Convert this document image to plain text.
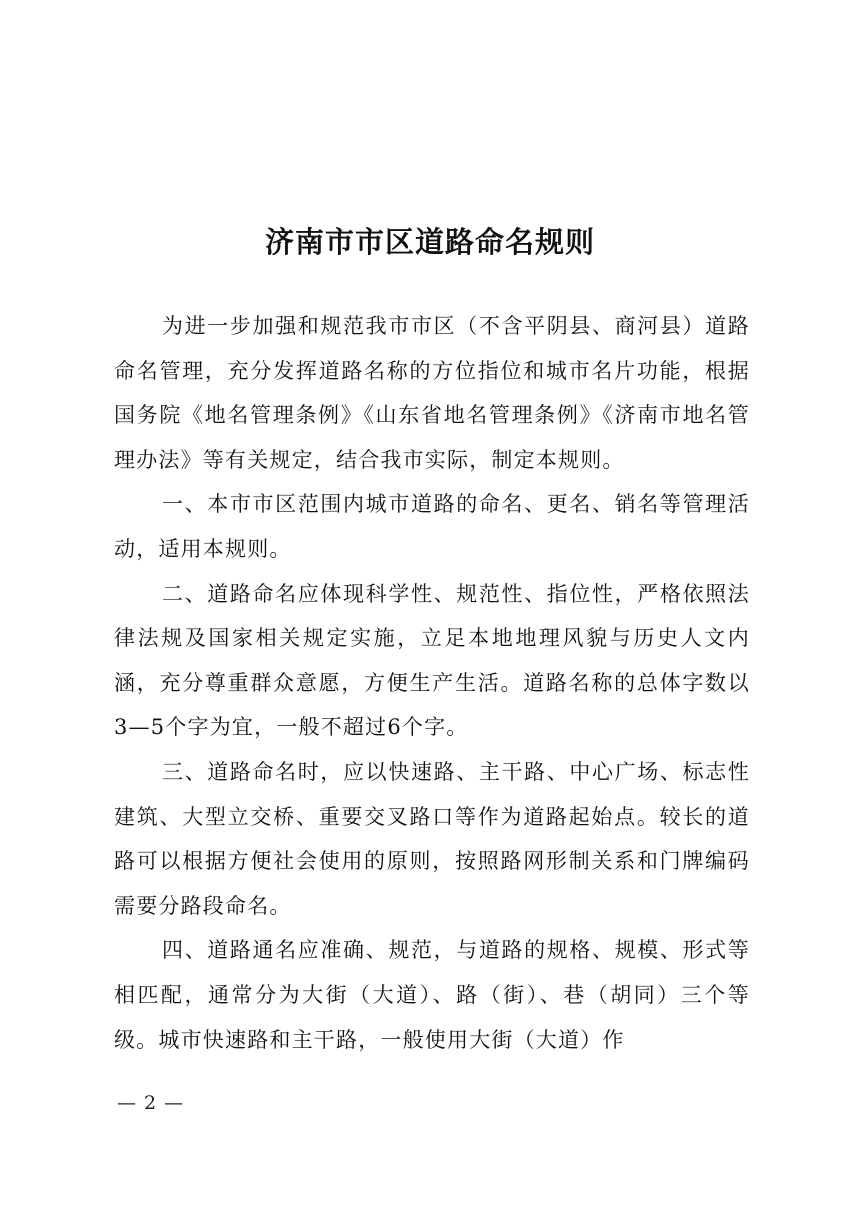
济南市市区道路命名规则

为进一步加强和规范我市市区（不含平阴县、商河县）道路命名管理，充分发挥道路名称的方位指位和城市名片功能，根据国务院《地名管理条例》《山东省地名管理条例》《济南市地名管理办法》等有关规定，结合我市实际，制定本规则。

一、本市市区范围内城市道路的命名、更名、销名等管理活动，适用本规则。

二、道路命名应体现科学性、规范性、指位性，严格依照法律法规及国家相关规定实施，立足本地地理风貌与历史人文内涵，充分尊重群众意愿，方便生产生活。道路名称的总体字数以3—5个字为宜，一般不超过6个字。

三、道路命名时，应以快速路、主干路、中心广场、标志性建筑、大型立交桥、重要交叉路口等作为道路起始点。较长的道路可以根据方便社会使用的原则，按照路网形制关系和门牌编码需要分路段命名。

四、道路通名应准确、规范，与道路的规格、规模、形式等相匹配，通常分为大街（大道）、路（街）、巷（胡同）三个等级。城市快速路和主干路，一般使用大街（大道）作

— 2 —
